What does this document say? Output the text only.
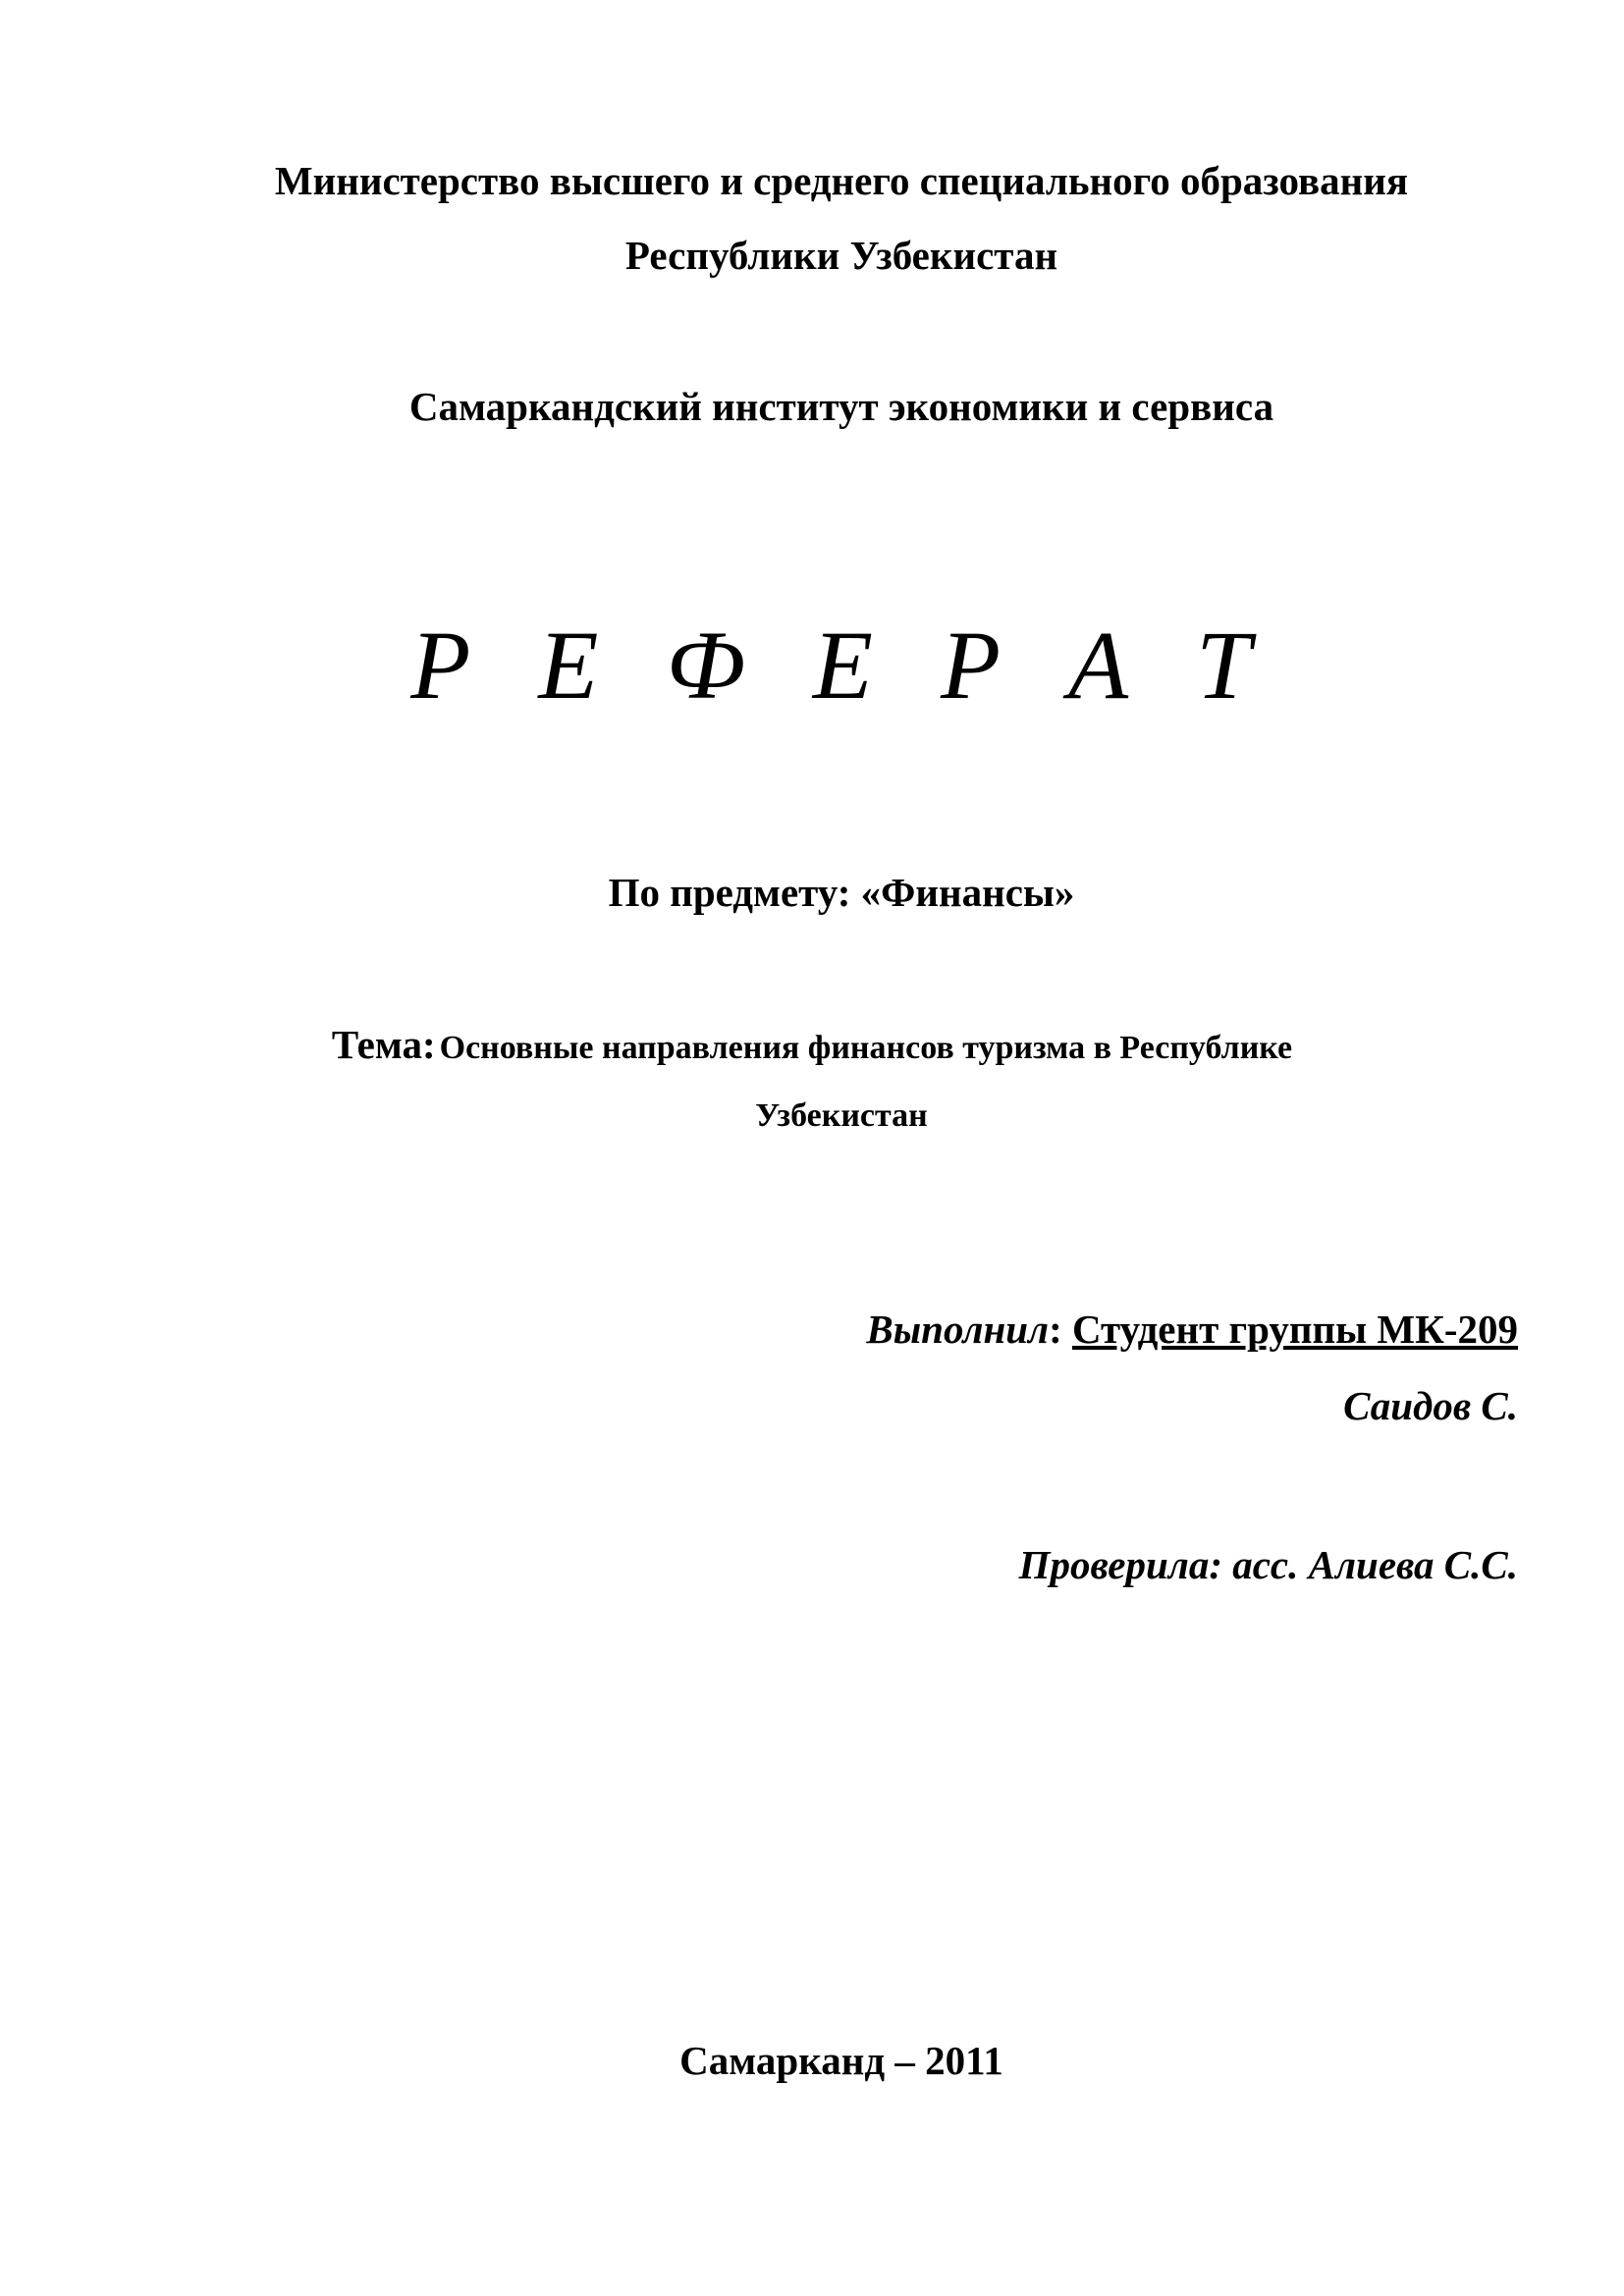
Министерство высшего и среднего специального образования
Республики Узбекистан
Самаркандский институт экономики и сервиса
Р Е Ф Е Р А Т
По предмету: «Финансы»
Тема: Основные направления финансов туризма в Республике
Узбекистан
Выполнил: Студент группы МК-209
Саидов С.
Проверила: асс. Алиева С.С.
Самарканд – 2011
